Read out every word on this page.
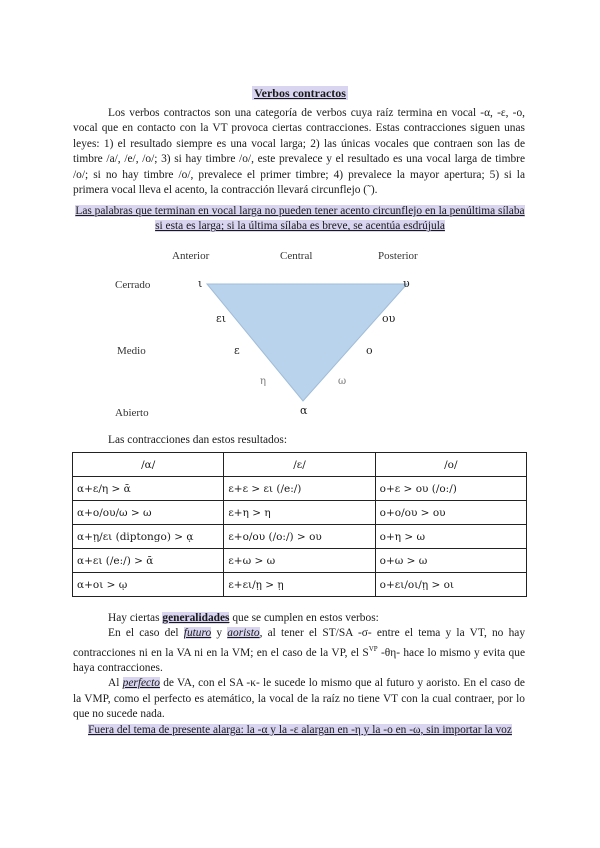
Verbos contractos
Los verbos contractos son una categoría de verbos cuya raíz termina en vocal -α, -ε, -ο, vocal que en contacto con la VT provoca ciertas contracciones. Estas contracciones siguen unas leyes: 1) el resultado siempre es una vocal larga; 2) las únicas vocales que contraen son las de timbre /a/, /e/, /o/; 3) si hay timbre /o/, este prevalece y el resultado es una vocal larga de timbre /o/; si no hay timbre /o/, prevalece el primer timbre; 4) prevalece la mayor apertura; 5) si la primera vocal lleva el acento, la contracción llevará circunflejo (῀).
Las palabras que terminan en vocal larga no pueden tener acento circunflejo en la penúltima sílaba si esta es larga; si la última sílaba es breve, se acentúa esdrújula
Anterior	Central	Posterior
Cerrado
Medio
Abierto
ι	υ
ει	ου
ε	ο
η	ω
α
Las contracciones dan estos resultados:
/α/	/ε/	/ο/
α+ε/η > ᾱ	ε+ε > ει (/e:/)	ο+ε > ου (/o:/)
α+ο/ου/ω > ω	ε+η > η	ο+ο/ου > ου
α+ῃ/ει (diptongo) > ᾳ	ε+ο/ου (/o:/) > ου	ο+η > ω
α+ει (/e:/) > ᾱ	ε+ω > ω	ο+ω > ω
α+οι > ῳ	ε+ει/ῃ > ῃ	ο+ει/οι/ῃ > οι
Hay ciertas generalidades que se cumplen en estos verbos:
En el caso del futuro y aoristo, al tener el ST/SA -σ- entre el tema y la VT, no hay contracciones ni en la VA ni en la VM; en el caso de la VP, el $S^{VP}$ -θη- hace lo mismo y evita que haya contracciones.
Al perfecto de VA, con el SA -κ- le sucede lo mismo que al futuro y aoristo. En el caso de la VMP, como el perfecto es atemático, la vocal de la raíz no tiene VT con la cual contraer, por lo que no sucede nada.
Fuera del tema de presente alarga: la -α y la -ε alargan en -η y la -ο en -ω, sin importar la voz
